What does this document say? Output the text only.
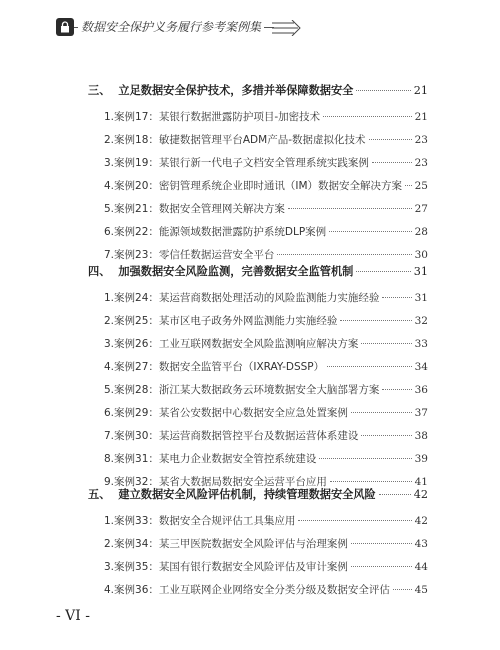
数据安全保护义务履行参考案例集
三、 立足数据安全保护技术，多措并举保障数据安全	21
1.案例17：某银行数据泄露防护项目-加密技术	21
2.案例18：敏捷数据管理平台ADM产品-数据虚拟化技术	23
3.案例19：某银行新一代电子文档安全管理系统实践案例	23
4.案例20：密钥管理系统企业即时通讯（IM）数据安全解决方案 25
5.案例21：数据安全管理网关解决方案	27
6.案例22：能源领域数据泄露防护系统DLP案例	28
7.案例23：零信任数据运营安全平台	30
四、 加强数据安全风险监测，完善数据安全监管机制	31
1.案例24：某运营商数据处理活动的风险监测能力实施经验	31
2.案例25：某市区电子政务外网监测能力实施经验	32
3.案例26：工业互联网数据安全风险监测响应解决方案	33
4.案例27：数据安全监管平台（IXRAY-DSSP）	34
5.案例28：浙江某大数据政务云环境数据安全大脑部署方案	36
6.案例29：某省公安数据中心数据安全应急处置案例	37
7.案例30：某运营商数据管控平台及数据运营体系建设	38
8.案例31：某电力企业数据安全管控系统建设	39
9.案例32：某省大数据局数据安全运营平台应用	41
五、 建立数据安全风险评估机制，持续管理数据安全风险	42
1.案例33：数据安全合规评估工具集应用	42
2.案例34：某三甲医院数据安全风险评估与治理案例	43
3.案例35：某国有银行数据安全风险评估及审计案例	44
4.案例36：工业互联网企业网络安全分类分级及数据安全评估 45
- VI -
